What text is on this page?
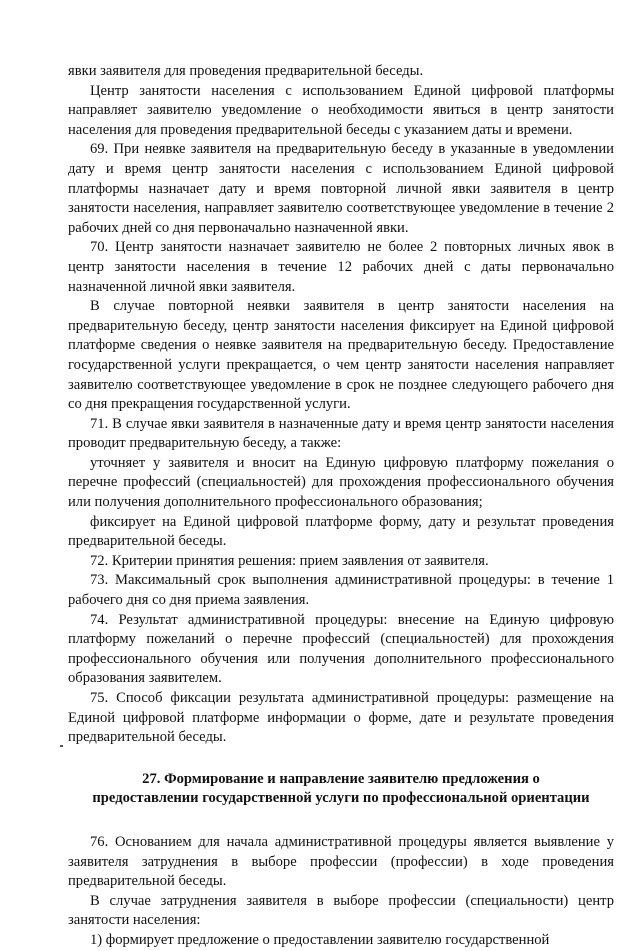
явки заявителя для проведения предварительной беседы.

Центр занятости населения с использованием Единой цифровой платформы направляет заявителю уведомление о необходимости явиться в центр занятости населения для проведения предварительной беседы с указанием даты и времени.

69. При неявке заявителя на предварительную беседу в указанные в уведомлении дату и время центр занятости населения с использованием Единой цифровой платформы назначает дату и время повторной личной явки заявителя в центр занятости населения, направляет заявителю соответствующее уведомление в течение 2 рабочих дней со дня первоначально назначенной явки.

70. Центр занятости назначает заявителю не более 2 повторных личных явок в центр занятости населения в течение 12 рабочих дней с даты первоначально назначенной личной явки заявителя.

В случае повторной неявки заявителя в центр занятости населения на предварительную беседу, центр занятости населения фиксирует на Единой цифровой платформе сведения о неявке заявителя на предварительную беседу. Предоставление государственной услуги прекращается, о чем центр занятости населения направляет заявителю соответствующее уведомление в срок не позднее следующего рабочего дня со дня прекращения государственной услуги.

71. В случае явки заявителя в назначенные дату и время центр занятости населения проводит предварительную беседу, а также:

уточняет у заявителя и вносит на Единую цифровую платформу пожелания о перечне профессий (специальностей) для прохождения профессионального обучения или получения дополнительного профессионального образования;

фиксирует на Единой цифровой платформе форму, дату и результат проведения предварительной беседы.

72. Критерии принятия решения: прием заявления от заявителя.

73. Максимальный срок выполнения административной процедуры: в течение 1 рабочего дня со дня приема заявления.

74. Результат административной процедуры: внесение на Единую цифровую платформу пожеланий о перечне профессий (специальностей) для прохождения профессионального обучения или получения дополнительного профессионального образования заявителем.

75. Способ фиксации результата административной процедуры: размещение на Единой цифровой платформе информации о форме, дате и результате проведения предварительной беседы.

27. Формирование и направление заявителю предложения о
предоставлении государственной услуги по профессиональной ориентации

76. Основанием для начала административной процедуры является выявление у заявителя затруднения в выборе профессии (профессии) в ходе проведения предварительной беседы.

В случае затруднения заявителя в выборе профессии (специальности) центр занятости населения:

1) формирует предложение о предоставлении заявителю государственной
